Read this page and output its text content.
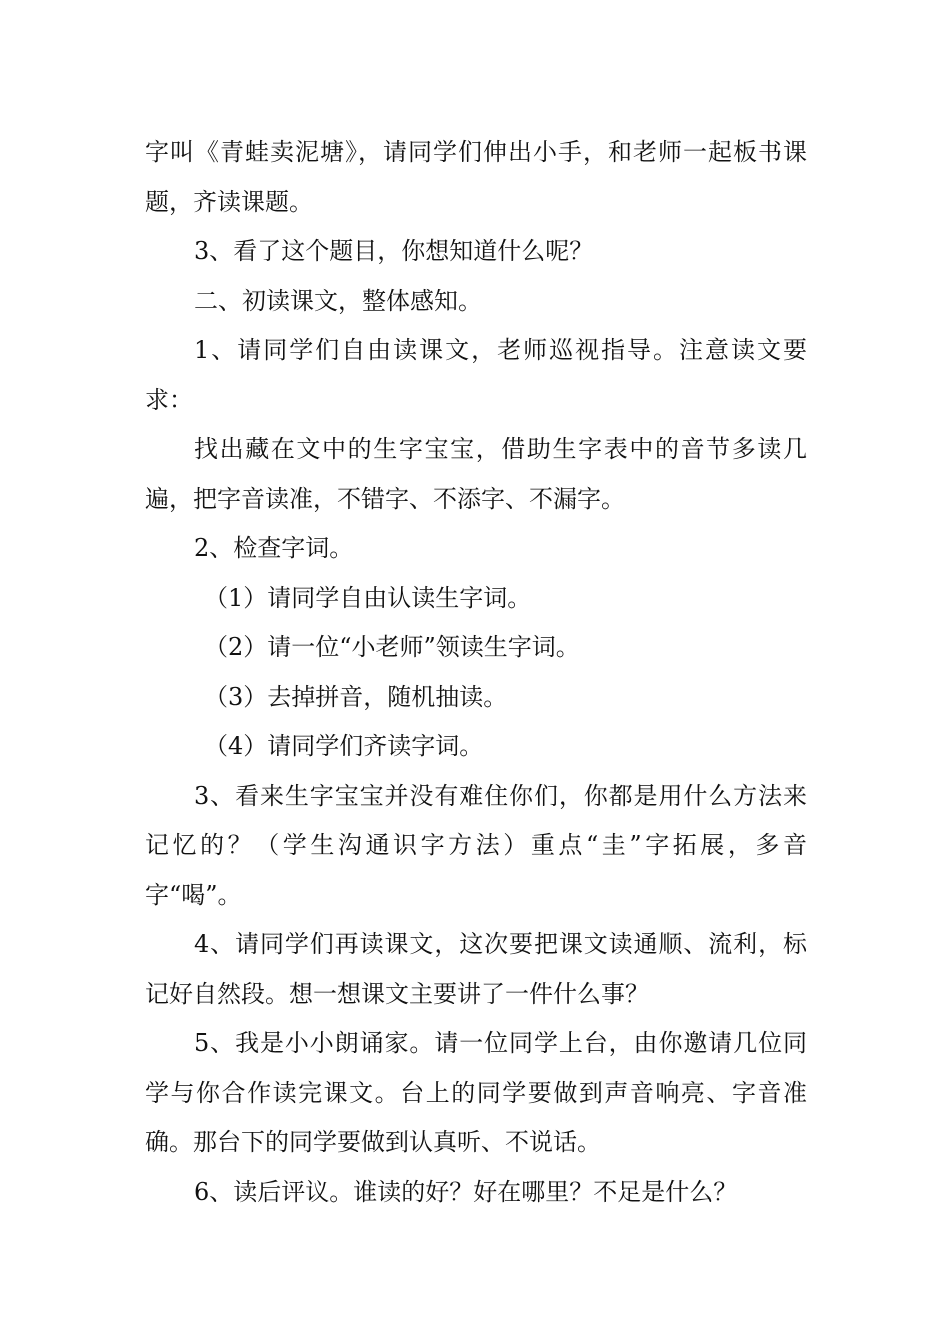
字叫《青蛙卖泥塘》，请同学们伸出小手，和老师一起板书课题，齐读课题。

3、看了这个题目，你想知道什么呢？

二、初读课文，整体感知。

1、请同学们自由读课文，老师巡视指导。注意读文要求：

找出藏在文中的生字宝宝，借助生字表中的音节多读几遍，把字音读准，不错字、不添字、不漏字。

2、检查字词。

（1）请同学自由认读生字词。

（2）请一位“小老师”领读生字词。

（3）去掉拼音，随机抽读。

（4）请同学们齐读字词。

3、看来生字宝宝并没有难住你们，你都是用什么方法来记忆的？（学生沟通识字方法）重点“圭”字拓展，多音字“喝”。

4、请同学们再读课文，这次要把课文读通顺、流利，标记好自然段。想一想课文主要讲了一件什么事？

5、我是小小朗诵家。请一位同学上台，由你邀请几位同学与你合作读完课文。台上的同学要做到声音响亮、字音准确。那台下的同学要做到认真听、不说话。

6、读后评议。谁读的好？好在哪里？不足是什么？
